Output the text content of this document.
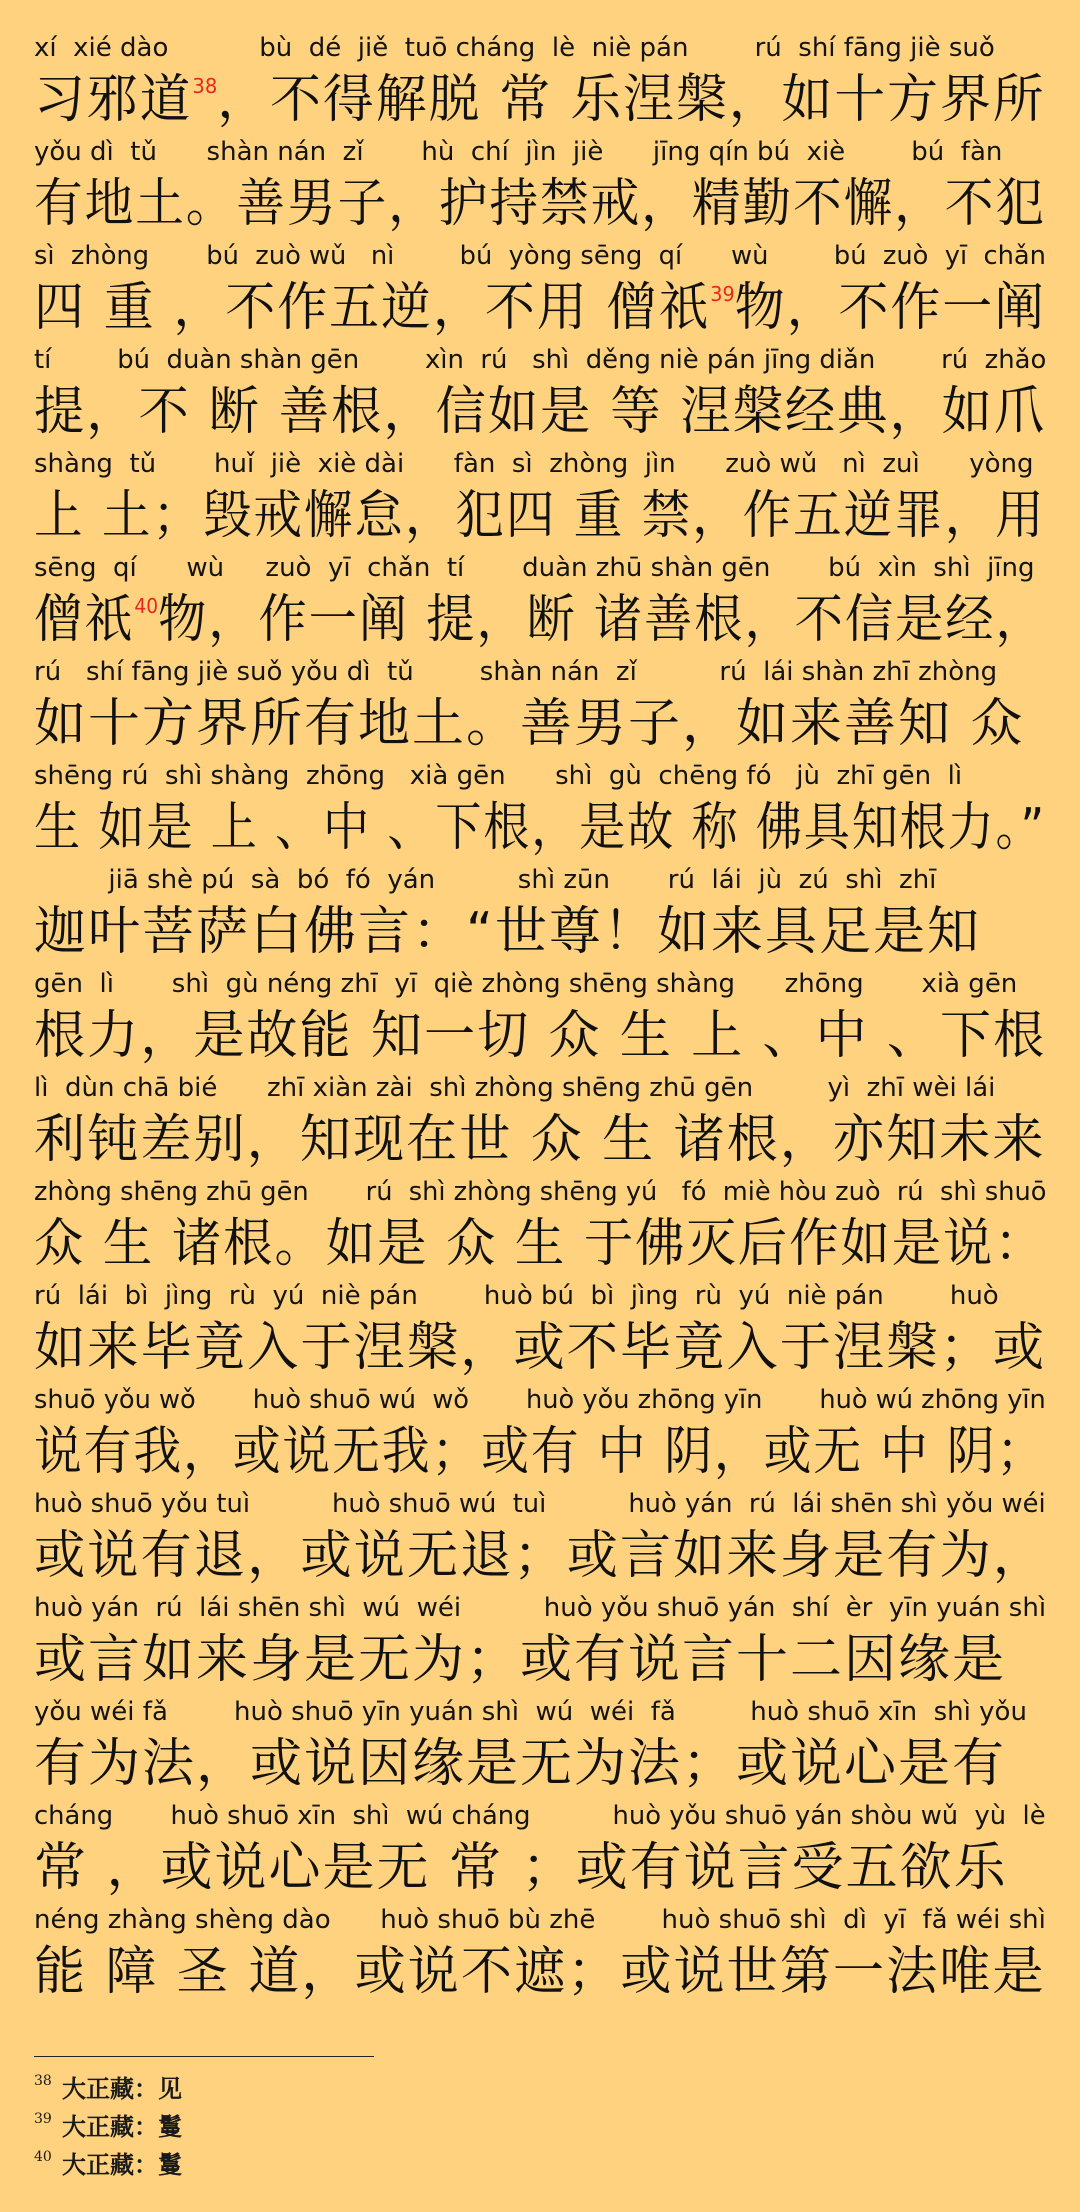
xí  xié dào           bù  dé  jiě  tuō cháng  lè  niè pán        rú  shí fāng jiè suǒ
习邪道$^{38}$，不得解脱 常 乐涅槃，如十方界所
yǒu dì  tǔ      shàn nán  zǐ       hù  chí  jìn  jiè      jīng qín bú  xiè        bú  fàn
有地土。善男子，护持禁戒，精勤不懈，不犯
sì  zhòng       bú  zuò wǔ   nì        bú  yòng sēng  qí      wù        bú  zuò  yī  chǎn
四 重 ，不作五逆，不用 僧祇$^{39}$物，不作一阐
tí        bú  duàn shàn gēn        xìn  rú   shì  děng niè pán jīng diǎn        rú  zhǎo
提，不 断 善根，信如是 等 涅槃经典，如爪
shàng  tǔ       huǐ  jiè  xiè dài      fàn  sì  zhòng  jìn      zuò wǔ   nì  zuì      yòng
上 土；毁戒懈怠，犯四 重 禁，作五逆罪，用
sēng  qí      wù     zuò  yī  chǎn  tí       duàn zhū shàn gēn       bú  xìn  shì  jīng
僧祇$^{40}$物，作一阐 提，断 诸善根，不信是经，
rú   shí fāng jiè suǒ yǒu dì  tǔ        shàn nán  zǐ          rú  lái shàn zhī zhòng
如十方界所有地土。善男子，如来善知 众
shēng rú  shì shàng  zhōng   xià gēn      shì  gù  chēng fó   jù  zhī gēn  lì
生 如是 上 、中 、下根，是故 称 佛具知根力。”
jiā shè pú  sà  bó  fó  yán          shì zūn       rú  lái  jù  zú  shì  zhī
迦叶菩萨白佛言：“世尊！如来具足是知
gēn  lì       shì  gù néng zhī  yī  qiè zhòng shēng shàng      zhōng       xià gēn
根力，是故能 知一切 众 生 上 、中 、下根
lì  dùn chā bié      zhī xiàn zài  shì zhòng shēng zhū gēn         yì  zhī wèi lái
利钝差别，知现在世 众 生 诸根，亦知未来
zhòng shēng zhū gēn       rú  shì zhòng shēng yú   fó  miè hòu zuò  rú  shì shuō
众 生 诸根。如是 众 生 于佛灭后作如是说：
rú  lái  bì  jìng  rù  yú  niè pán        huò bú  bì  jìng  rù  yú  niè pán        huò
如来毕竟入于涅槃，或不毕竟入于涅槃；或
shuō yǒu wǒ       huò shuō wú  wǒ       huò yǒu zhōng yīn       huò wú zhōng yīn
说有我，或说无我；或有 中 阴，或无 中 阴；
huò shuō yǒu tuì          huò shuō wú  tuì          huò yán  rú  lái shēn shì yǒu wéi
或说有退，或说无退；或言如来身是有为，
huò yán  rú  lái shēn shì  wú  wéi          huò yǒu shuō yán  shí  èr  yīn yuán shì
或言如来身是无为；或有说言十二因缘是
yǒu wéi fǎ        huò shuō yīn yuán shì  wú  wéi  fǎ         huò shuō xīn  shì yǒu
有为法，或说因缘是无为法；或说心是有
cháng       huò shuō xīn  shì  wú cháng          huò yǒu shuō yán shòu wǔ  yù  lè
常 ，或说心是无 常 ；或有说言受五欲乐
néng zhàng shèng dào      huò shuō bù zhē        huò shuō shì  dì  yī  fǎ wéi shì
能 障 圣 道，或说不遮；或说世第一法唯是
38 大正藏：见
39 大正藏：鬘
40 大正藏：鬘
